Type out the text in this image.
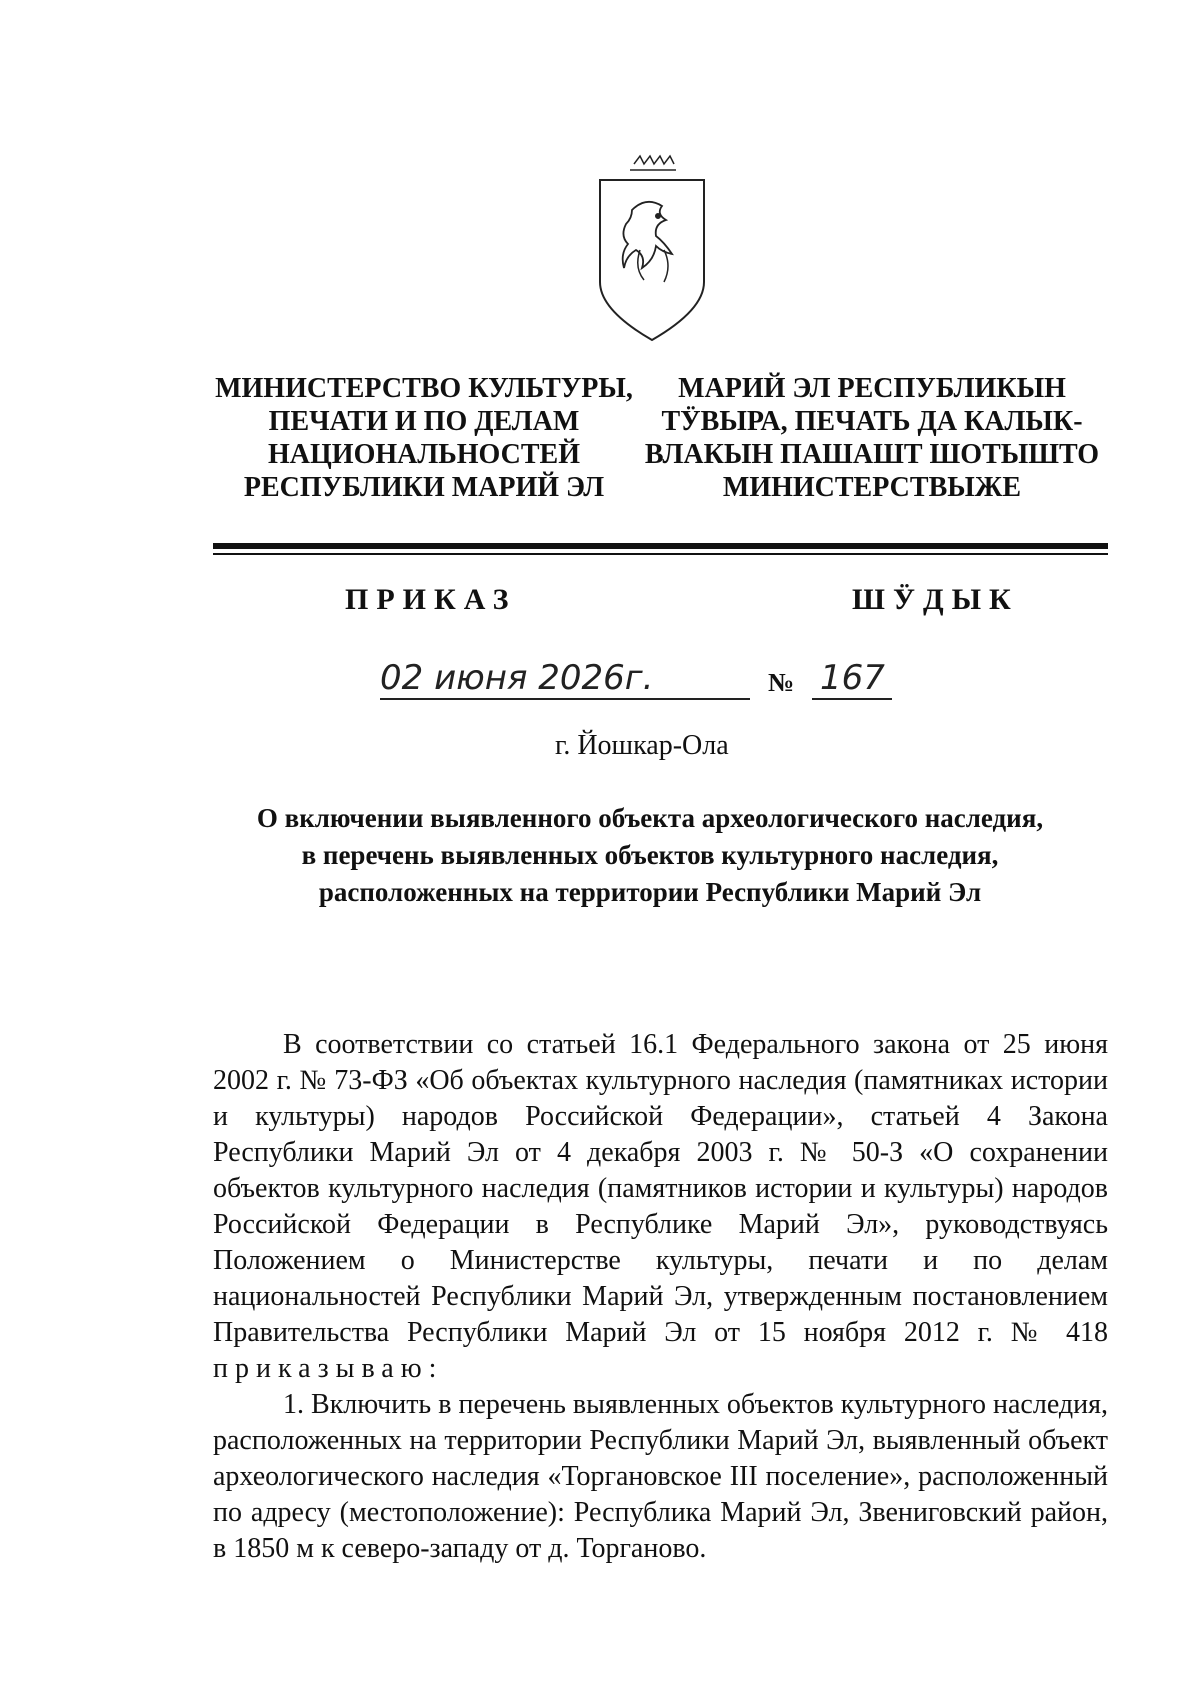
МИНИСТЕРСТВО КУЛЬТУРЫ,
ПЕЧАТИ И ПО ДЕЛАМ
НАЦИОНАЛЬНОСТЕЙ
РЕСПУБЛИКИ МАРИЙ ЭЛ
МАРИЙ ЭЛ РЕСПУБЛИКЫН
ТӰВЫРА, ПЕЧАТЬ ДА КАЛЫК-
ВЛАКЫН ПАШАШТ ШОТЫШТО
МИНИСТЕРСТВЫЖЕ
ПРИКАЗ	ШӰДЫК
02 июня 2026г.	№ 167
г. Йошкар-Ола
О включении выявленного объекта археологического наследия,
в перечень выявленных объектов культурного наследия,
расположенных на территории Республики Марий Эл

В соответствии со статьей 16.1 Федерального закона от 25 июня 2002 г. № 73-ФЗ «Об объектах культурного наследия (памятниках истории и культуры) народов Российской Федерации», статьей 4 Закона Республики Марий Эл от 4 декабря 2003 г. № 50-З «О сохранении объектов культурного наследия (памятников истории и культуры) народов Российской Федерации в Республике Марий Эл», руководствуясь Положением о Министерстве культуры, печати и по делам национальностей Республики Марий Эл, утвержденным постановлением Правительства Республики Марий Эл от 15 ноября 2012 г. № 418 приказываю:

1. Включить в перечень выявленных объектов культурного наследия, расположенных на территории Республики Марий Эл, выявленный объект археологического наследия «Торгановское III поселение», расположенный по адресу (местоположение): Республика Марий Эл, Звениговский район, в 1850 м к северо-западу от д. Торганово.
